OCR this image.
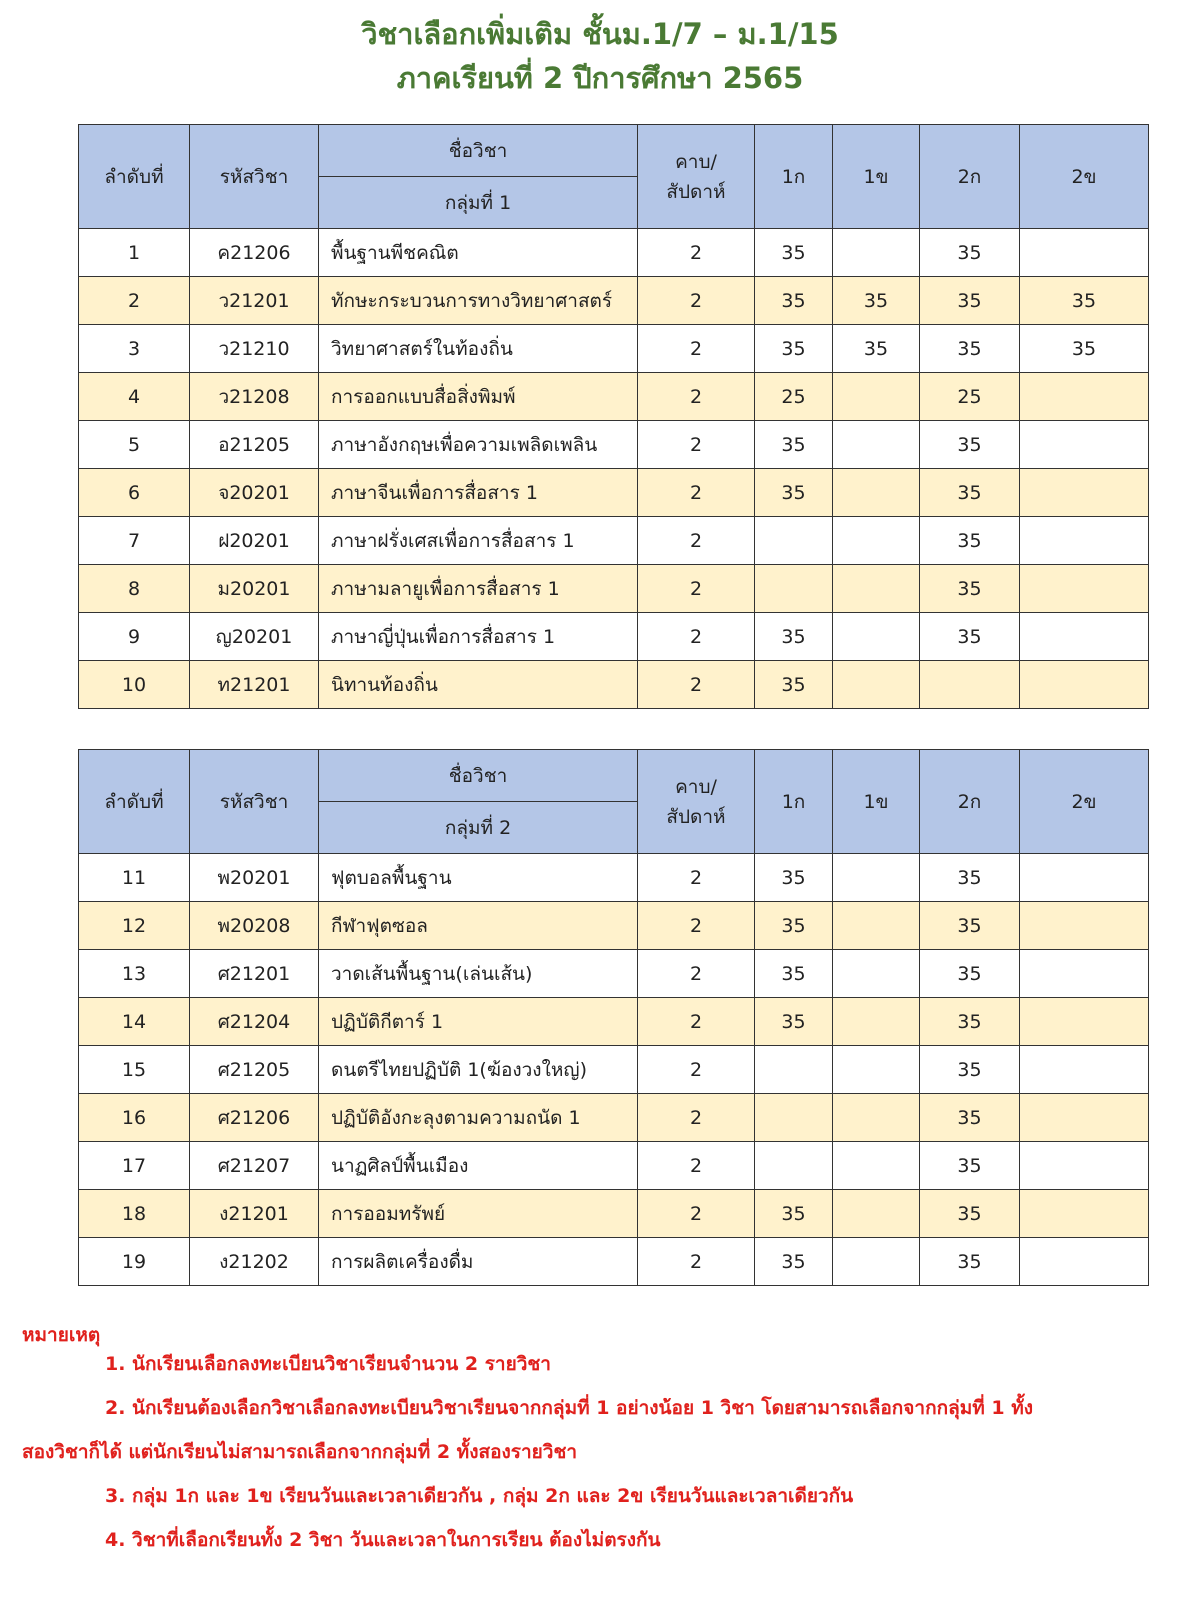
วิชาเลือกเพิ่มเติม ชั้นม.1/7 – ม.1/15
ภาคเรียนที่ 2 ปีการศึกษา 2565
ลำดับที่	รหัสวิชา	ชื่อวิชา	คาบ/
สัปดาห์	1ก	1ข	2ก	2ข
		กลุ่มที่ 1					
1	ค21206	พื้นฐานพีชคณิต	2	35		35	
2	ว21201	ทักษะกระบวนการทางวิทยาศาสตร์	2	35	35	35	35
3	ว21210	วิทยาศาสตร์ในท้องถิ่น	2	35	35	35	35
4	ว21208	การออกแบบสื่อสิ่งพิมพ์	2	25		25	
5	อ21205	ภาษาอังกฤษเพื่อความเพลิดเพลิน	2	35		35	
6	จ20201	ภาษาจีนเพื่อการสื่อสาร 1	2	35		35	
7	ฝ20201	ภาษาฝรั่งเศสเพื่อการสื่อสาร 1	2			35	
8	ม20201	ภาษามลายูเพื่อการสื่อสาร 1	2			35	
9	ญ20201	ภาษาญี่ปุ่นเพื่อการสื่อสาร 1	2	35		35	
10	ท21201	นิทานท้องถิ่น	2	35			
ลำดับที่	รหัสวิชา	ชื่อวิชา	คาบ/
สัปดาห์	1ก	1ข	2ก	2ข
		กลุ่มที่ 2					
11	พ20201	ฟุตบอลพื้นฐาน	2	35		35	
12	พ20208	กีฬาฟุตซอล	2	35		35	
13	ศ21201	วาดเส้นพื้นฐาน(เล่นเส้น)	2	35		35	
14	ศ21204	ปฏิบัติกีตาร์ 1	2	35		35	
15	ศ21205	ดนตรีไทยปฏิบัติ 1(ฆ้องวงใหญ่)	2			35	
16	ศ21206	ปฏิบัติอังกะลุงตามความถนัด 1	2			35	
17	ศ21207	นาฏศิลป์พื้นเมือง	2			35	
18	ง21201	การออมทรัพย์	2	35		35	
19	ง21202	การผลิตเครื่องดื่ม	2	35		35	
หมายเหตุ
1. นักเรียนเลือกลงทะเบียนวิชาเรียนจำนวน 2 รายวิชา
2. นักเรียนต้องเลือกวิชาเลือกลงทะเบียนวิชาเรียนจากกลุ่มที่ 1 อย่างน้อย 1 วิชา โดยสามารถเลือกจากกลุ่มที่ 1 ทั้ง
สองวิชาก็ได้ แต่นักเรียนไม่สามารถเลือกจากกลุ่มที่ 2 ทั้งสองรายวิชา
3. กลุ่ม 1ก และ 1ข เรียนวันและเวลาเดียวกัน , กลุ่ม 2ก และ 2ข เรียนวันและเวลาเดียวกัน
4. วิชาที่เลือกเรียนทั้ง 2 วิชา วันและเวลาในการเรียน ต้องไม่ตรงกัน
